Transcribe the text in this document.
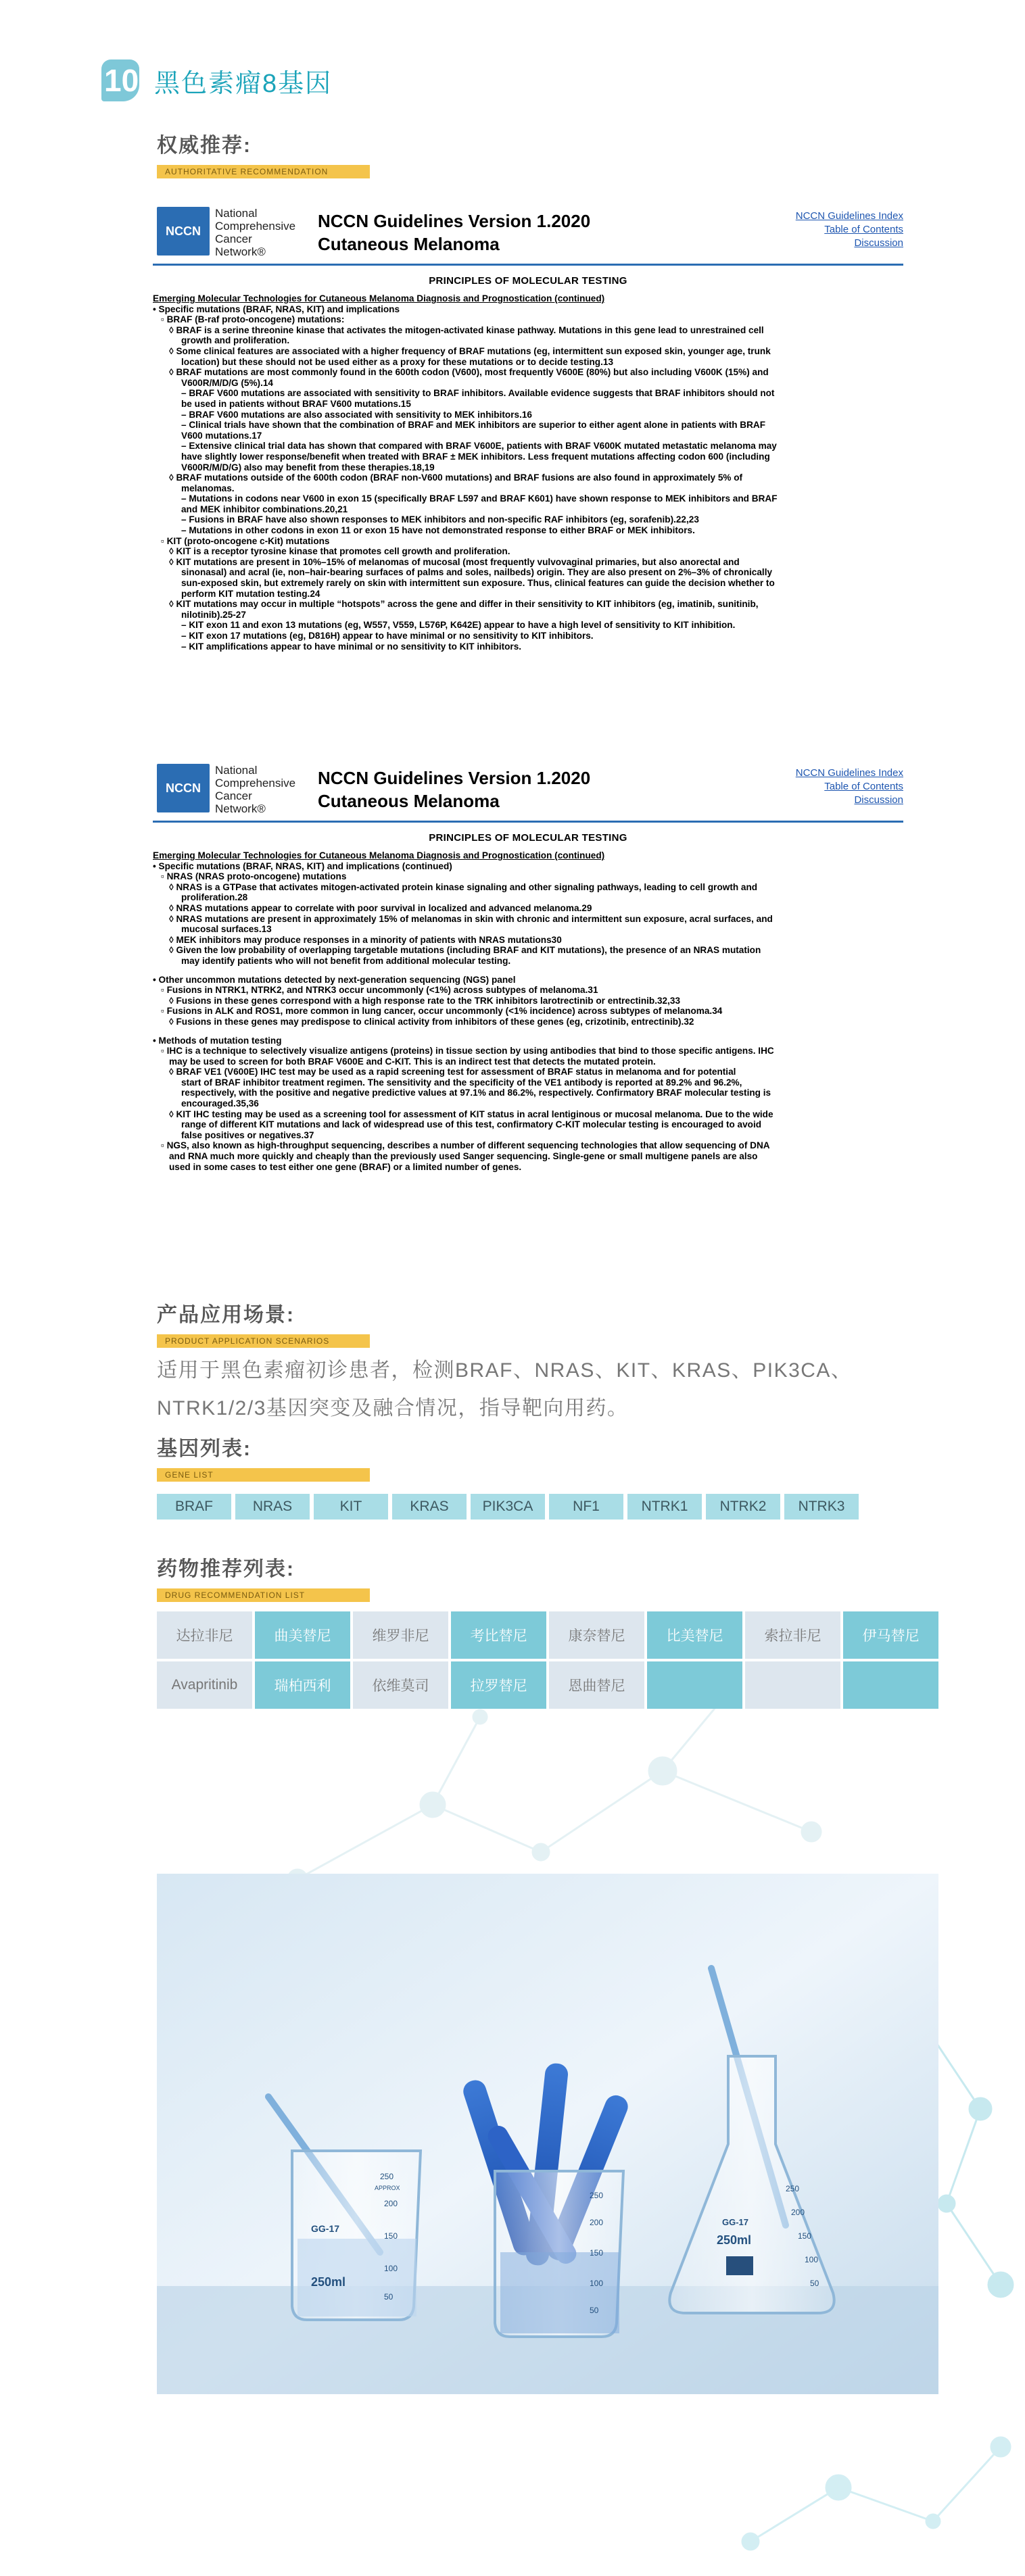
10 黑色素瘤8基因
权威推荐:
AUTHORITATIVE RECOMMENDATION
NCCN
National
Comprehensive
Cancer
Network®
NCCN Guidelines Version 1.2020
Cutaneous Melanoma
NCCN Guidelines Index
Table of Contents
Discussion
PRINCIPLES OF MOLECULAR TESTING
Emerging Molecular Technologies for Cutaneous Melanoma Diagnosis and Prognostication (continued)
• Specific mutations (BRAF, NRAS, KIT) and implications
▫ BRAF (B-raf proto-oncogene) mutations:
◊ BRAF is a serine threonine kinase that activates the mitogen-activated kinase pathway. Mutations in this gene lead to unrestrained cell
growth and proliferation.
◊ Some clinical features are associated with a higher frequency of BRAF mutations (eg, intermittent sun exposed skin, younger age, trunk
location) but these should not be used either as a proxy for these mutations or to decide testing.13
◊ BRAF mutations are most commonly found in the 600th codon (V600), most frequently V600E (80%) but also including V600K (15%) and
V600R/M/D/G (5%).14
– BRAF V600 mutations are associated with sensitivity to BRAF inhibitors. Available evidence suggests that BRAF inhibitors should not
be used in patients without BRAF V600 mutations.15
– BRAF V600 mutations are also associated with sensitivity to MEK inhibitors.16
– Clinical trials have shown that the combination of BRAF and MEK inhibitors are superior to either agent alone in patients with BRAF
V600 mutations.17
– Extensive clinical trial data has shown that compared with BRAF V600E, patients with BRAF V600K mutated metastatic melanoma may
have slightly lower response/benefit when treated with BRAF ± MEK inhibitors. Less frequent mutations affecting codon 600 (including
V600R/M/D/G) also may benefit from these therapies.18,19
◊ BRAF mutations outside of the 600th codon (BRAF non-V600 mutations) and BRAF fusions are also found in approximately 5% of
melanomas.
– Mutations in codons near V600 in exon 15 (specifically BRAF L597 and BRAF K601) have shown response to MEK inhibitors and BRAF
and MEK inhibitor combinations.20,21
– Fusions in BRAF have also shown responses to MEK inhibitors and non-specific RAF inhibitors (eg, sorafenib).22,23
– Mutations in other codons in exon 11 or exon 15 have not demonstrated response to either BRAF or MEK inhibitors.
▫ KIT (proto-oncogene c-Kit) mutations
◊ KIT is a receptor tyrosine kinase that promotes cell growth and proliferation.
◊ KIT mutations are present in 10%–15% of melanomas of mucosal (most frequently vulvovaginal primaries, but also anorectal and
sinonasal) and acral (ie, non–hair-bearing surfaces of palms and soles, nailbeds) origin. They are also present on 2%–3% of chronically
sun-exposed skin, but extremely rarely on skin with intermittent sun exposure. Thus, clinical features can guide the decision whether to
perform KIT mutation testing.24
◊ KIT mutations may occur in multiple “hotspots” across the gene and differ in their sensitivity to KIT inhibitors (eg, imatinib, sunitinib,
nilotinib).25-27
– KIT exon 11 and exon 13 mutations (eg, W557, V559, L576P, K642E) appear to have a high level of sensitivity to KIT inhibition.
– KIT exon 17 mutations (eg, D816H) appear to have minimal or no sensitivity to KIT inhibitors.
– KIT amplifications appear to have minimal or no sensitivity to KIT inhibitors.
NCCN
National
Comprehensive
Cancer
Network®
NCCN Guidelines Version 1.2020
Cutaneous Melanoma
NCCN Guidelines Index
Table of Contents
Discussion
PRINCIPLES OF MOLECULAR TESTING
Emerging Molecular Technologies for Cutaneous Melanoma Diagnosis and Prognostication (continued)
• Specific mutations (BRAF, NRAS, KIT) and implications (continued)
▫ NRAS (NRAS proto-oncogene) mutations
◊ NRAS is a GTPase that activates mitogen-activated protein kinase signaling and other signaling pathways, leading to cell growth and
proliferation.28
◊ NRAS mutations appear to correlate with poor survival in localized and advanced melanoma.29
◊ NRAS mutations are present in approximately 15% of melanomas in skin with chronic and intermittent sun exposure, acral surfaces, and
mucosal surfaces.13
◊ MEK inhibitors may produce responses in a minority of patients with NRAS mutations30
◊ Given the low probability of overlapping targetable mutations (including BRAF and KIT mutations), the presence of an NRAS mutation
may identify patients who will not benefit from additional molecular testing.
• Other uncommon mutations detected by next-generation sequencing (NGS) panel
▫ Fusions in NTRK1, NTRK2, and NTRK3 occur uncommonly (<1%) across subtypes of melanoma.31
◊ Fusions in these genes correspond with a high response rate to the TRK inhibitors larotrectinib or entrectinib.32,33
▫ Fusions in ALK and ROS1, more common in lung cancer, occur uncommonly (<1% incidence) across subtypes of melanoma.34
◊ Fusions in these genes may predispose to clinical activity from inhibitors of these genes (eg, crizotinib, entrectinib).32
• Methods of mutation testing
▫ IHC is a technique to selectively visualize antigens (proteins) in tissue section by using antibodies that bind to those specific antigens. IHC
may be used to screen for both BRAF V600E and C-KIT. This is an indirect test that detects the mutated protein.
◊ BRAF VE1 (V600E) IHC test may be used as a rapid screening test for assessment of BRAF status in melanoma and for potential
start of BRAF inhibitor treatment regimen. The sensitivity and the specificity of the VE1 antibody is reported at 89.2% and 96.2%,
respectively, with the positive and negative predictive values at 97.1% and 86.2%, respectively. Confirmatory BRAF molecular testing is
encouraged.35,36
◊ KIT IHC testing may be used as a screening tool for assessment of KIT status in acral lentiginous or mucosal melanoma. Due to the wide
range of different KIT mutations and lack of widespread use of this test, confirmatory C-KIT molecular testing is encouraged to avoid
false positives or negatives.37
▫ NGS, also known as high-throughput sequencing, describes a number of different sequencing technologies that allow sequencing of DNA
and RNA much more quickly and cheaply than the previously used Sanger sequencing. Single-gene or small multigene panels are also
used in some cases to test either one gene (BRAF) or a limited number of genes.
产品应用场景:
PRODUCT APPLICATION SCENARIOS
适用于黑色素瘤初诊患者，检测BRAF、NRAS、KIT、KRAS、PIK3CA、NTRK1/2/3基因突变及融合情况，指导靶向用药。
基因列表:
GENE LIST
BRAF	NRAS	KIT	KRAS	PIK3CA	NF1	NTRK1	NTRK2	NTRK3
药物推荐列表:
DRUG RECOMMENDATION LIST
达拉非尼	曲美替尼	维罗非尼	考比替尼	康奈替尼	比美替尼	索拉非尼	伊马替尼
Avapritinib	瑞柏西利	依维莫司	拉罗替尼	恩曲替尼
GG-17
250ml
250
APPROX
200
150
100
50
250
200
150
100
50
GG-17
250ml
250
200
150
100
50
